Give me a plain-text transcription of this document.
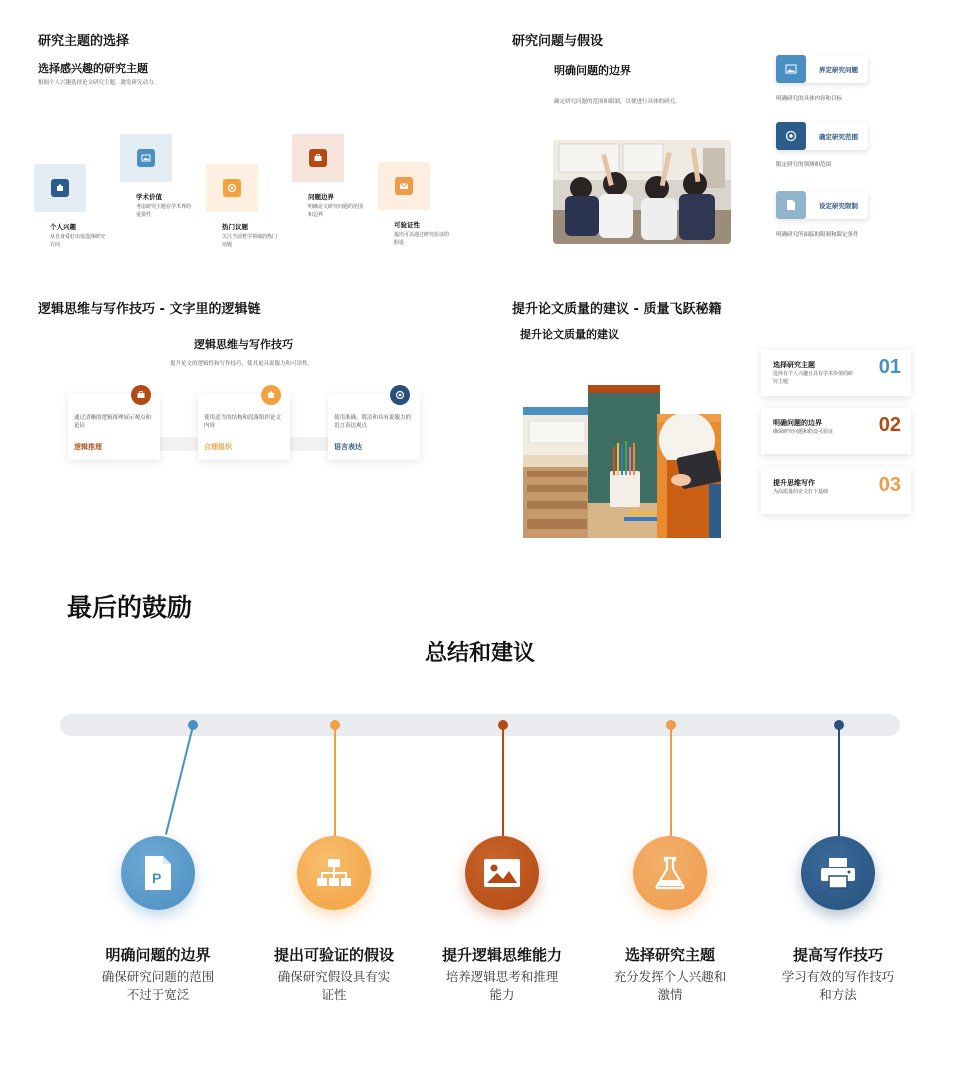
研究主题的选择
选择感兴趣的研究主题
根据个人兴趣选择论文研究主题，激发研究动力。
个人兴趣
从自身爱好出发选择研究方向
学术价值
考虑研究主题在学术界的重要性
热门议题
关注当前哲学领域的热门话题
问题边界
明确论文研究问题的范围和边界
可验证性
提出可以通过研究验证的假设
研究问题与假设
明确问题的边界
确定研究问题的范围和限制，以便进行具体的研究。
界定研究问题
明确研究的具体内容和目标
确定研究范围
限定研究的领域和范围
设定研究限制
明确研究所面临的限制和限定条件
逻辑思维与写作技巧 - 文字里的逻辑链
逻辑思维与写作技巧
提升论文的逻辑性和写作技巧，使其更具说服力和可读性。
通过清晰的逻辑推理展示观点和论证
逻辑推理
使用适当的结构和段落组织论文内容
合理组织
使用准确、简洁和具有说服力的语言表达观点
语言表达
提升论文质量的建议 - 质量飞跃秘籍
提升论文质量的建议
选择研究主题
选择有个人兴趣且具有学术价值的研究主题
01
明确问题的边界
确保研究问题和假设可验证	02
提升思维写作
为高质量的论文打下基础	03
最后的鼓励
总结和建议
P
明确问题的边界
确保研究问题的范围不过于宽泛
提出可验证的假设
确保研究假设具有实证性
提升逻辑思维能力
培养逻辑思考和推理能力
选择研究主题
充分发挥个人兴趣和激情
提高写作技巧
学习有效的写作技巧和方法
